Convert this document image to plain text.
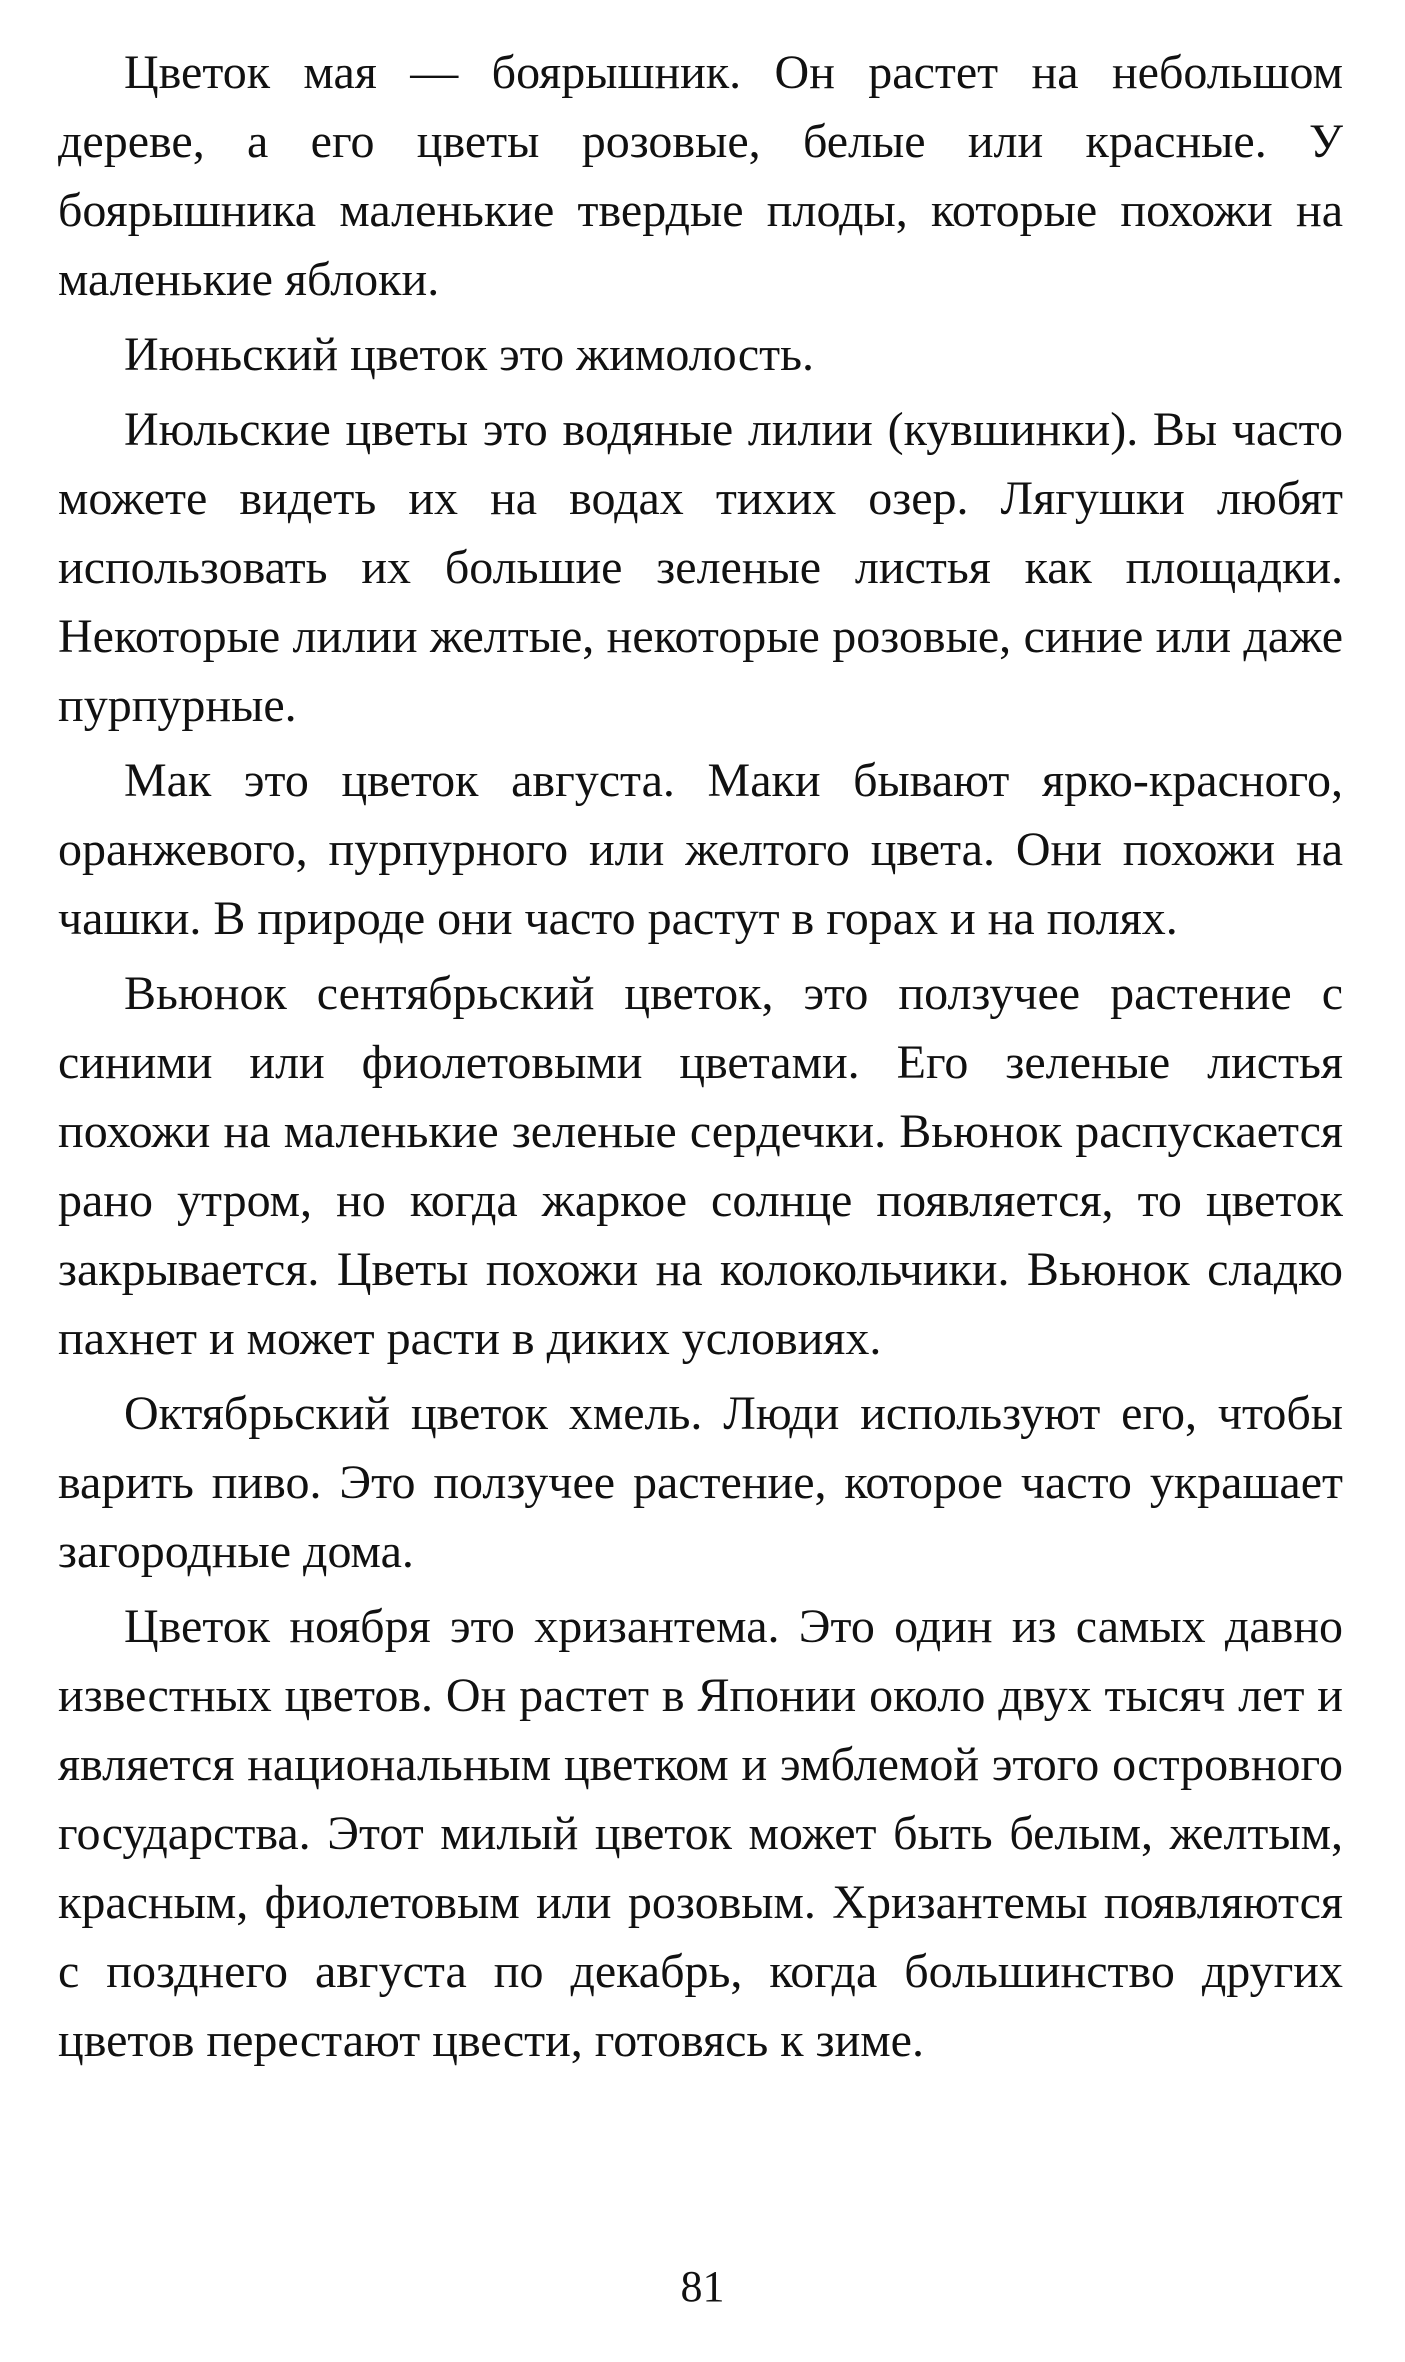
Цветок мая — боярышник. Он растет на небольшом дереве, а его цветы розовые, белые или красные. У боярышника маленькие твердые плоды, которые похожи на маленькие яблоки.

Июньский цветок это жимолость.

Июльские цветы это водяные лилии (кувшинки). Вы часто можете видеть их на водах тихих озер. Лягушки любят использовать их большие зеленые листья как площадки. Некоторые лилии желтые, некоторые розовые, синие или даже пурпурные.

Мак это цветок августа. Маки бывают ярко-красного, оранжевого, пурпурного или желтого цвета. Они похожи на чашки. В природе они часто растут в горах и на полях.

Вьюнок сентябрьский цветок, это ползучее растение с синими или фиолетовыми цветами. Его зеленые листья похожи на маленькие зеленые сердечки. Вьюнок распускается рано утром, но когда жаркое солнце появляется, то цветок закрывается. Цветы похожи на колокольчики. Вьюнок сладко пахнет и может расти в диких условиях.

Октябрьский цветок хмель. Люди используют его, чтобы варить пиво. Это ползучее растение, которое часто украшает загородные дома.

Цветок ноября это хризантема. Это один из самых давно известных цветов. Он растет в Японии около двух тысяч лет и является национальным цветком и эмблемой этого островного государства. Этот милый цветок может быть белым, желтым, красным, фиолетовым или розовым. Хризантемы появляются с позднего августа по декабрь, когда большинство других цветов перестают цвести, готовясь к зиме.

81
